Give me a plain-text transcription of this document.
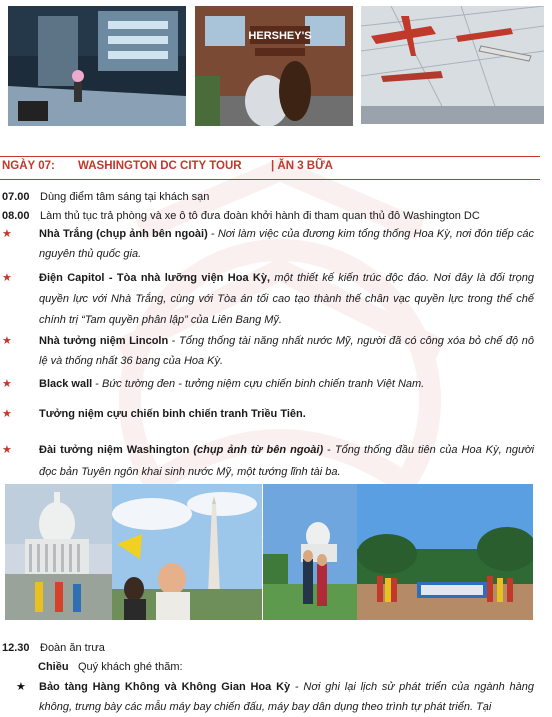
HERSHEY'S
NGÀY 07: WASHINGTON DC CITY TOUR	| ĂN 3 BỮA
07.00 Dùng điểm tâm sáng tại khách sạn
08.00 Làm thủ tục trả phòng và xe ô tô đưa đoàn khởi hành đi tham quan thủ đô Washington DC
★ Nhà Trắng (chụp ảnh bên ngoài) - Nơi làm việc của đương kim tổng thống Hoa Kỳ, nơi đón tiếp các nguyên thủ quốc gia.
★ Điện Capitol - Tòa nhà lưỡng viện Hoa Kỳ, một thiết kế kiến trúc độc đáo. Nơi đây là đối trọng quyền lực với Nhà Trắng, cùng với Tòa án tối cao tạo thành thế chân vạc quyền lực trong thể chế chính trị “Tam quyền phân lập” của Liên Bang Mỹ.
★ Nhà tưởng niệm Lincoln - Tổng thống tài năng nhất nước Mỹ, người đã có công xóa bỏ chế độ nô lệ và thống nhất 36 bang của Hoa Kỳ.
★ Black wall - Bức tường đen - tưởng niệm cựu chiến binh chiến tranh Việt Nam.
★ Tưởng niệm cựu chiến binh chiến tranh Triều Tiên.
★ Đài tưởng niệm Washington (chụp ảnh từ bên ngoài) - Tổng thống đầu tiên của Hoa Kỳ, người đọc bản Tuyên ngôn khai sinh nước Mỹ, một tướng lĩnh tài ba.
12.30 Đoàn ăn trưa
Chiều Quý khách ghé thăm:
★ Bảo tàng Hàng Không và Không Gian Hoa Kỳ - Nơi ghi lại lịch sử phát triển của ngành hàng không, trưng bày các mẫu máy bay chiến đấu, máy bay dân dụng theo trình tự phát triển. Tại
